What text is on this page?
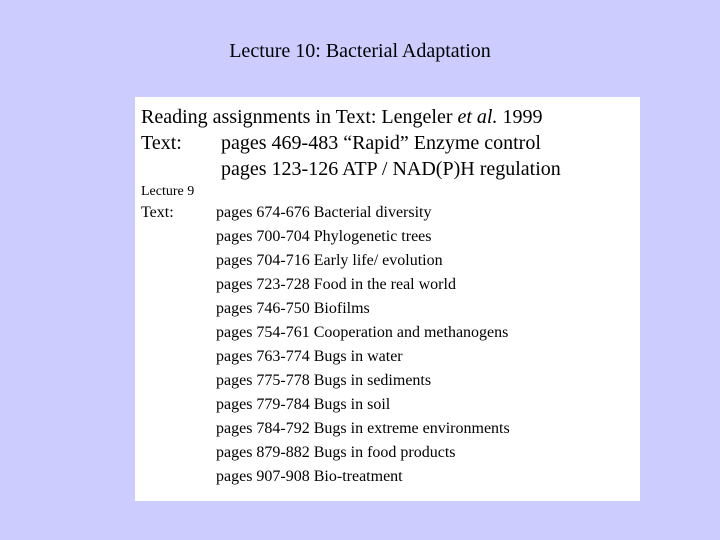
Lecture 10: Bacterial Adaptation
Reading assignments in Text: Lengeler et al. 1999
Text: pages 469-483 “Rapid” Enzyme control
pages 123-126 ATP / NAD(P)H regulation
Lecture 9
Text:	pages 674-676 Bacterial diversity
pages 700-704 Phylogenetic trees
pages 704-716 Early life/ evolution
pages 723-728 Food in the real world
pages 746-750 Biofilms
pages 754-761 Cooperation and methanogens
pages 763-774 Bugs in water
pages 775-778 Bugs in sediments
pages 779-784 Bugs in soil
pages 784-792 Bugs in extreme environments
pages 879-882 Bugs in food products
pages 907-908 Bio-treatment
